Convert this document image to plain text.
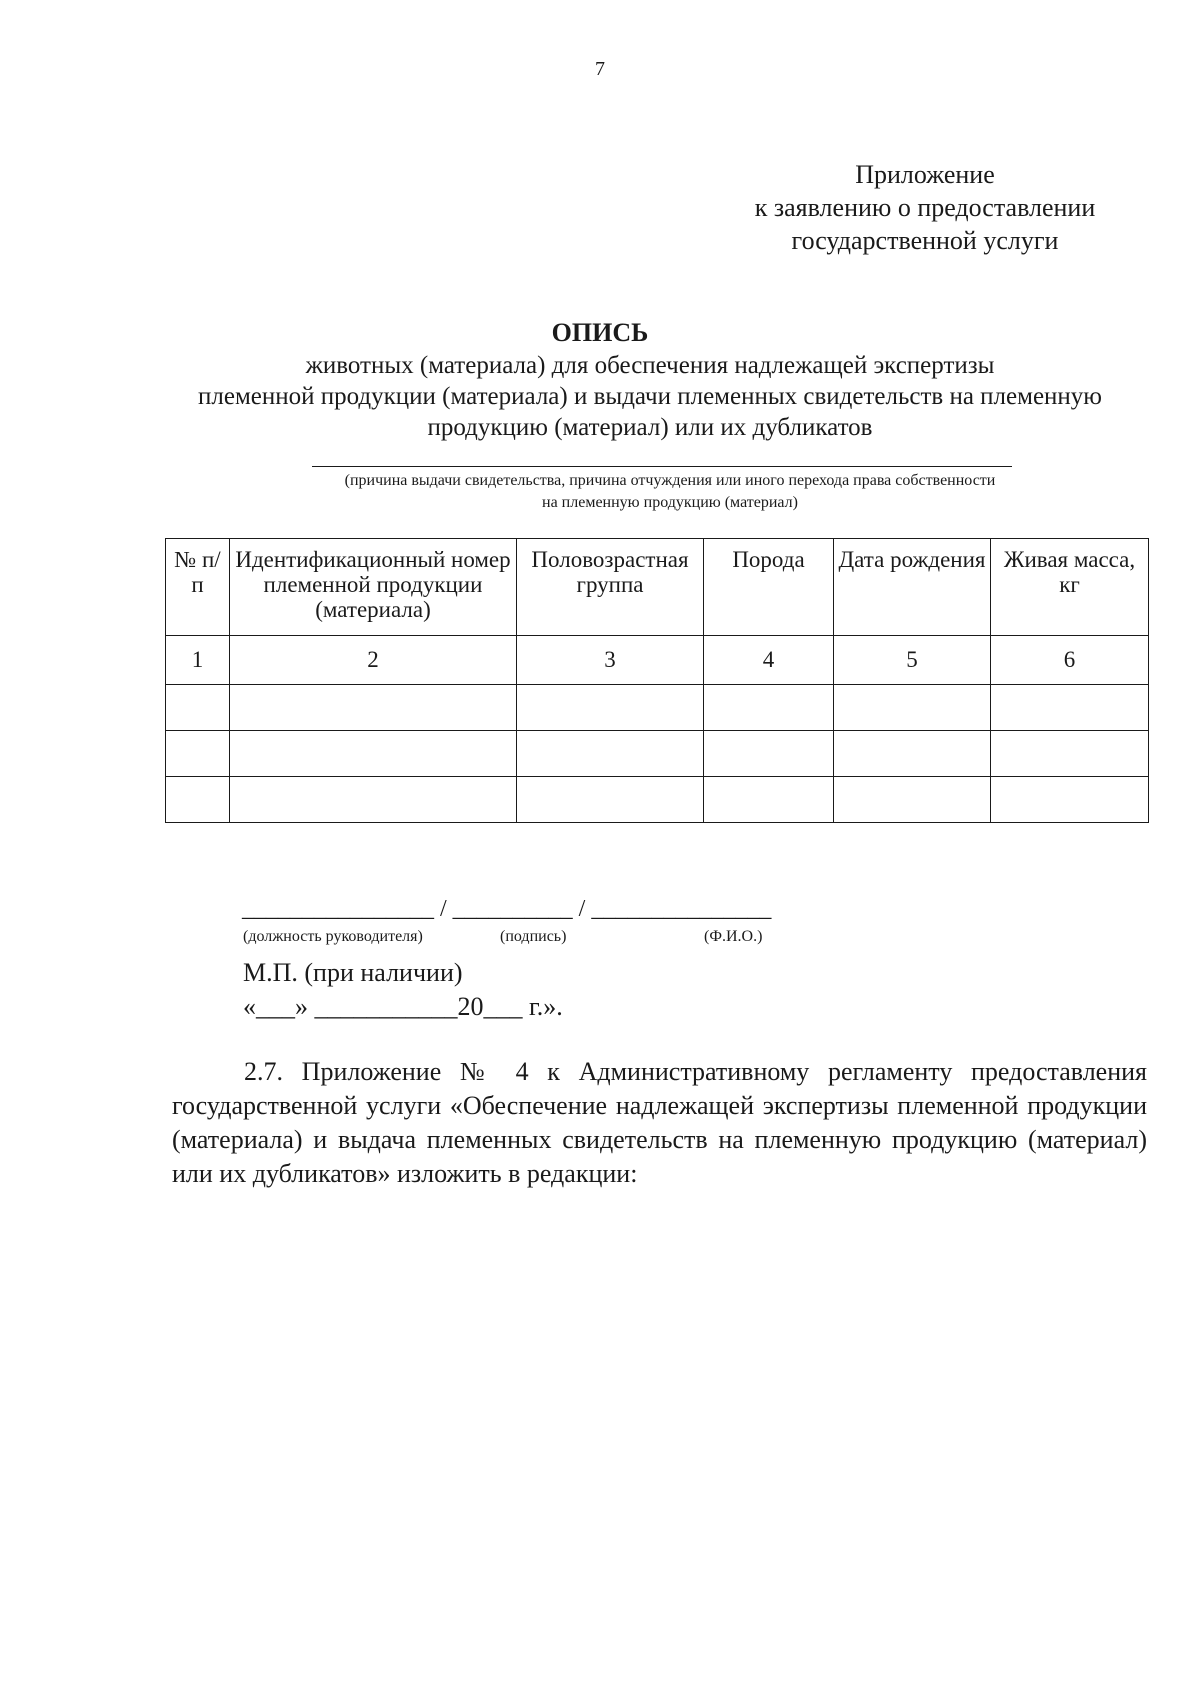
7
Приложение
к заявлению о предоставлении
государственной услуги
ОПИСЬ
животных (материала) для обеспечения надлежащей экспертизы
племенной продукции (материала) и выдачи племенных свидетельств на племенную
продукцию (материал) или их дубликатов
(причина выдачи свидетельства, причина отчуждения или иного перехода права собственности
на племенную продукцию (материал)
№ п/п	Идентификационный номер племенной продукции (материала)	Половозрастная группа	Порода	Дата рождения	Живая масса, кг
1	2	3	4	5	6

________________ / __________ / _______________
(должность руководителя)	(подпись)	(Ф.И.О.)
М.П. (при наличии)
«___» ___________20___ г.».
2.7. Приложение № 4 к Административному регламенту предоставления государственной услуги «Обеспечение надлежащей экспертизы племенной продукции (материала) и выдача племенных свидетельств на племенную продукцию (материал) или их дубликатов» изложить в редакции:
